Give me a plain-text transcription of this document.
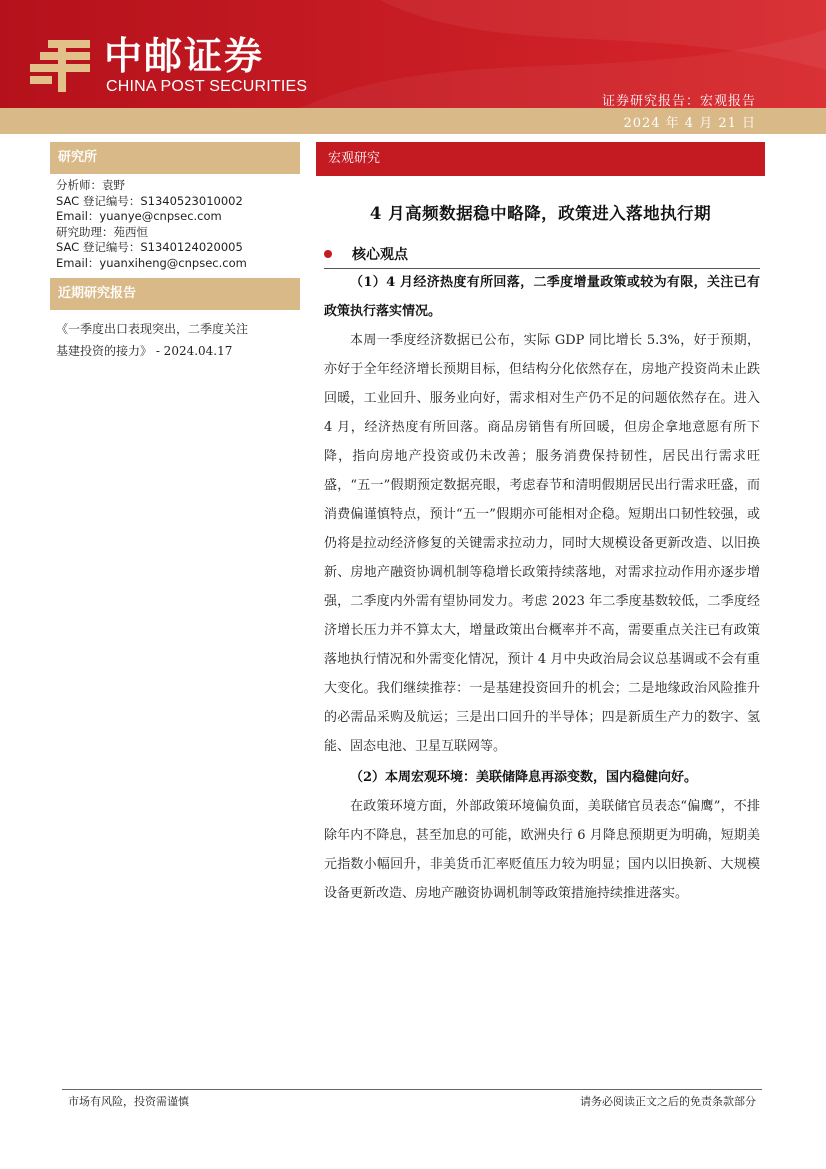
中邮证券
CHINA POST SECURITIES
证券研究报告：宏观报告
2024 年 4 月 21 日
研究所
分析师：袁野
SAC 登记编号：S1340523010002
Email：yuanye@cnpsec.com
研究助理：苑西恒
SAC 登记编号：S1340124020005
Email：yuanxiheng@cnpsec.com
近期研究报告
《一季度出口表现突出，二季度关注
基建投资的接力》 - 2024.04.17
宏观研究
4 月高频数据稳中略降，政策进入落地执行期
核心观点

（1）4 月经济热度有所回落，二季度增量政策或较为有限，关注已有政策执行落实情况。

本周一季度经济数据已公布，实际 GDP 同比增长 5.3%，好于预期，亦好于全年经济增长预期目标，但结构分化依然存在，房地产投资尚未止跌回暖，工业回升、服务业向好，需求相对生产仍不足的问题依然存在。进入 4 月，经济热度有所回落。商品房销售有所回暖，但房企拿地意愿有所下降，指向房地产投资或仍未改善；服务消费保持韧性，居民出行需求旺盛，“五一”假期预定数据亮眼，考虑春节和清明假期居民出行需求旺盛，而消费偏谨慎特点，预计“五一”假期亦可能相对企稳。短期出口韧性较强，或仍将是拉动经济修复的关键需求拉动力，同时大规模设备更新改造、以旧换新、房地产融资协调机制等稳增长政策持续落地，对需求拉动作用亦逐步增强，二季度内外需有望协同发力。考虑 2023 年二季度基数较低，二季度经济增长压力并不算太大，增量政策出台概率并不高，需要重点关注已有政策落地执行情况和外需变化情况，预计 4 月中央政治局会议总基调或不会有重大变化。我们继续推荐：一是基建投资回升的机会；二是地缘政治风险推升的必需品采购及航运；三是出口回升的半导体；四是新质生产力的数字、氢能、固态电池、卫星互联网等。

（2）本周宏观环境：美联储降息再添变数，国内稳健向好。

在政策环境方面，外部政策环境偏负面，美联储官员表态“偏鹰”，不排除年内不降息，甚至加息的可能，欧洲央行 6 月降息预期更为明确，短期美元指数小幅回升，非美货币汇率贬值压力较为明显；国内以旧换新、大规模设备更新改造、房地产融资协调机制等政策措施持续推进落实。

市场有风险，投资需谨慎	请务必阅读正文之后的免责条款部分
